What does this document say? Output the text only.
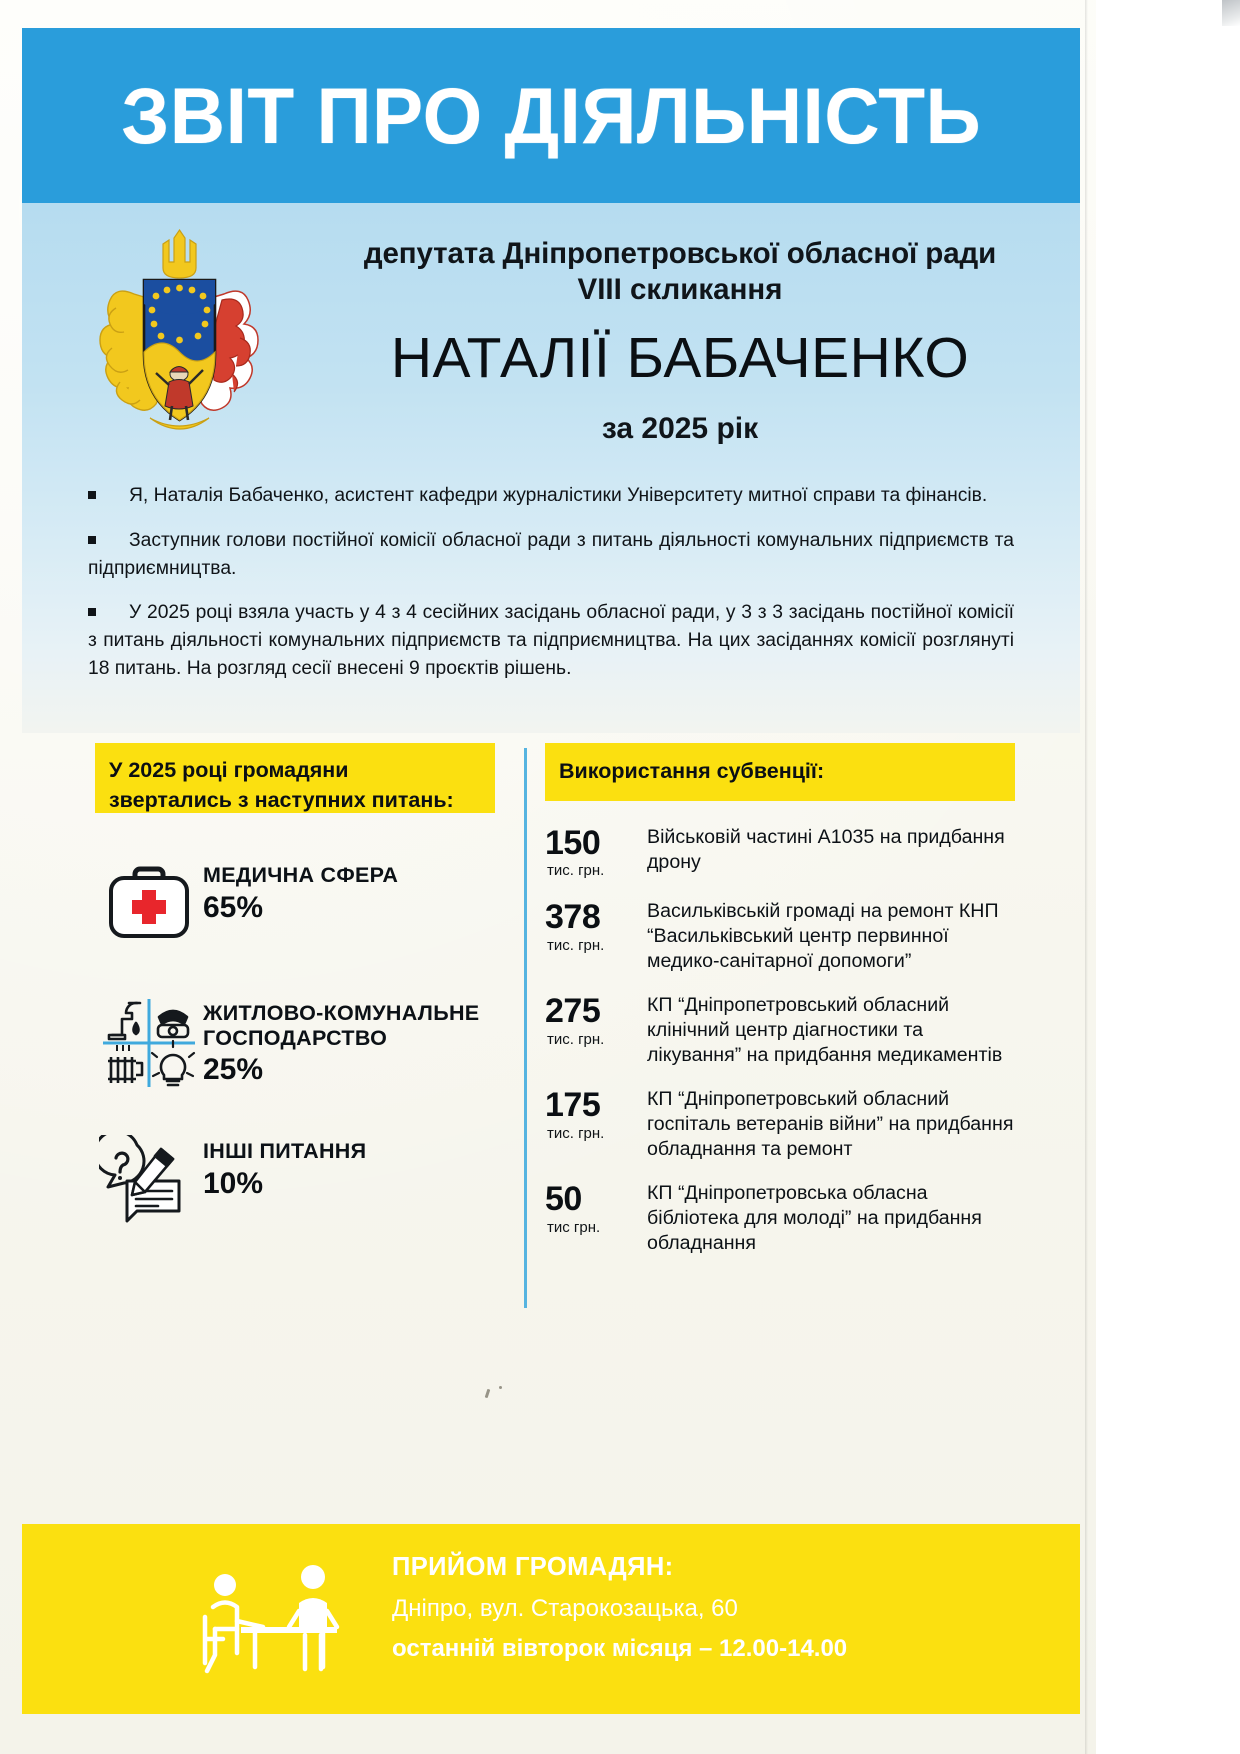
ЗВІТ ПРО ДІЯЛЬНІСТЬ
депутата Дніпропетровської обласної ради
VIII скликання
НАТАЛІЇ БАБАЧЕНКО
за 2025 рік

Я, Наталія Бабаченко, асистент кафедри журналістики Університету митної справи та фінансів.

Заступник голови постійної комісії обласної ради з питань діяльності комунальних підприємств та підприємництва.

У 2025 році взяла участь у 4 з 4 сесійних засідань обласної ради, у 3 з 3 засідань постійної комісії з питань діяльності комунальних підприємств та підприємництва. На цих засіданнях комісії розглянуті 18 питань. На розгляд сесії внесені 9 проєктів рішень.

У 2025 році громадяни
звертались з наступних питань:
МЕДИЧНА СФЕРА
65%
ЖИТЛОВО-КОМУНАЛЬНЕ ГОСПОДАРСТВО
25%
ІНШІ ПИТАННЯ
10%
Використання субвенції:
150
тис. грн.
Військовій частині А1035 на придбання дрону
378
тис. грн.
Васильківській громаді на ремонт КНП “Васильківський центр первинної медико-санітарної допомоги”
275
тис. грн.
КП “Дніпропетровський обласний клінічний центр діагностики та лікування” на придбання медикаментів
175
тис. грн.
КП “Дніпропетровський обласний госпіталь ветеранів війни” на придбання обладнання та ремонт
50
тис грн.
КП “Дніпропетровська обласна бібліотека для молоді” на придбання обладнання
ПРИЙОМ ГРОМАДЯН:
Дніпро, вул. Старокозацька, 60
останній вівторок місяця – 12.00-14.00
